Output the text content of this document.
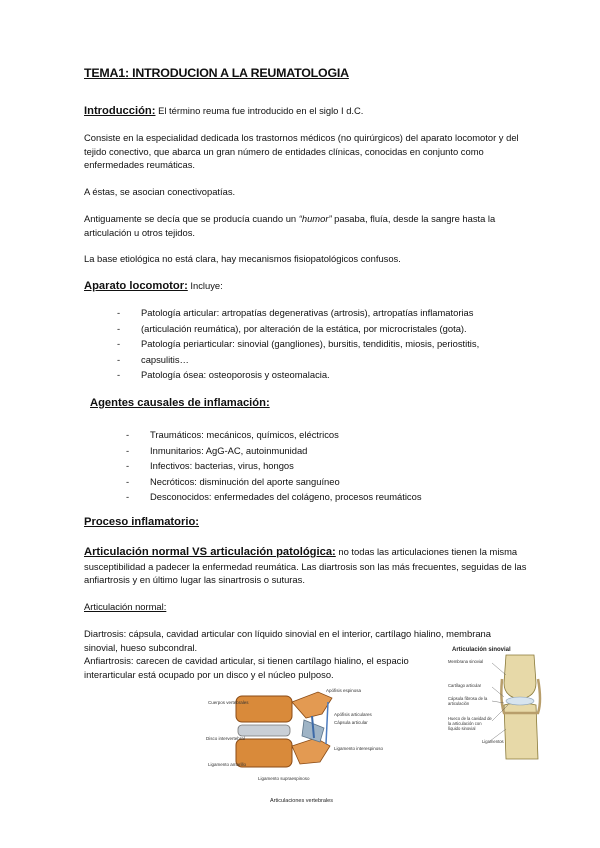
TEMA1: INTRODUCION A LA REUMATOLOGIA
Introducción: El término reuma fue introducido en el siglo I d.C.
Consiste en la especialidad dedicada los trastornos médicos (no quirúrgicos) del aparato locomotor y del tejido conectivo, que abarca un gran número de entidades clínicas, conocidas en conjunto como enfermedades reumáticas.
A éstas, se asocian conectivopatías.
Antiguamente se decía que se producía cuando un “humor” pasaba, fluía, desde la sangre hasta la articulación u otros tejidos.
La base etiológica no está clara, hay mecanismos fisiopatológicos confusos.
Aparato locomotor: Incluye:
- Patología articular: artropatías degenerativas (artrosis), artropatías inflamatorias
- (articulación reumática), por alteración de la estática, por microcristales (gota).
- Patología periarticular: sinovial (gangliones), bursitis, tendiditis, miosis, periostitis,
- capsulitis…
- Patología ósea: osteoporosis y osteomalacia.
Agentes causales de inflamación:
- Traumáticos: mecánicos, químicos, eléctricos
- Inmunitarios: AgG-AC, autoinmunidad
- Infectivos: bacterias, virus, hongos
- Necróticos: disminución del aporte sanguíneo
- Desconocidos: enfermedades del colágeno, procesos reumáticos
Proceso inflamatorio:
Articulación normal VS articulación patológica: no todas las articulaciones tienen la misma susceptibilidad a padecer la enfermedad reumática. Las diartrosis son las más frecuentes, seguidas de las anfiartrosis y en último lugar las sinartrosis o suturas.
Articulación normal:
Diartrosis: cápsula, cavidad articular con líquido sinovial en el interior, cartílago hialino, membrana sinovial, hueso subcondral.
Anfiartrosis: carecen de cavidad articular, si tienen cartílago hialino, el espacio interarticular está ocupado por un disco y el núcleo pulposo.
Cuerpos vertebrales
Disco intervertebral
Ligamento amarillo
Apófisis espinosa
Apófisis articulares
Cápsula articular
Ligamento interespinoso
Ligamento supraespinoso
Articulaciones vertebrales
Articulación sinovial
Membrana sinovial
Cartílago articular
Cápsula fibrosa de la articulación
Hueco de la cavidad de la articulación con líquido sinovial
Ligamentos
